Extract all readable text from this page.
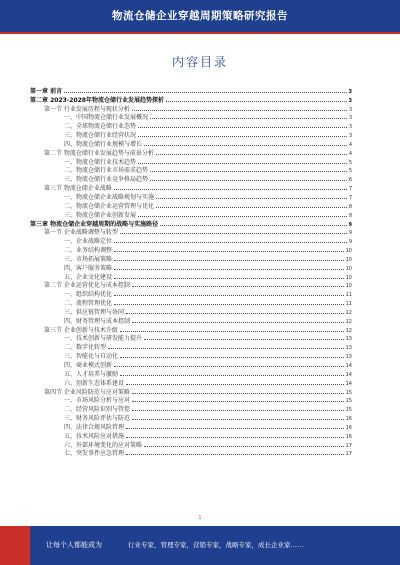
物流仓储企业穿越周期策略研究报告
内容目录
第一章 前言	3
第二章 2023-2028年物流仓储行业发展趋势探析	3
第一节 行业发展历程与现状分析	3
一、中国物流仓储行业发展概况	3
二、全球物流仓储行业态势	3
三、物流仓储行业经营状况	3
四、物流仓储行业规模与增长	4
第二节 物流仓储行业发展趋势与前景分析	4
一、物流仓储行业技术趋势	5
二、物流仓储行业市场需求趋势	5
三、物流仓储行业竞争格局趋势	6
第三节 物流仓储企业战略	7
一、物流仓储企业战略规划与实施	7
二、物流仓储企业运营管理与优化	8
三、物流仓储企业创新发展	8
第三章 物流仓储企业穿越周期的战略与实施路径	9
第一节 企业战略调整与转型	9
一、企业战略定位	9
二、业务结构调整	10
三、市场拓展策略	10
四、客户服务策略	10
五、企业文化建设	10
第二节 企业运营优化与成本控制	10
一、组织结构优化	11
二、流程管理优化	11
三、供应链管理与协同	12
四、财务管理与成本控制	12
第三节 企业创新与技术升级	12
一、技术创新与研发能力提升	13
二、数字化转型	13
三、智能化与自动化	13
四、商业模式创新	14
五、人才培养与激励	14
六、创新生态体系建设	14
第四节 企业风险防范与应对策略	15
一、市场风险分析与应对	15
二、经营风险识别与管控	15
三、财务风险评估与防范	16
四、法律合规风险管理	16
五、技术风险应对措施	16
六、外部环境变化的应对策略	17
七、突发事件应急管理	17
1
让每个人都能成为	行业专家，管理专家，营销专家，战略专家，成长企业家……
